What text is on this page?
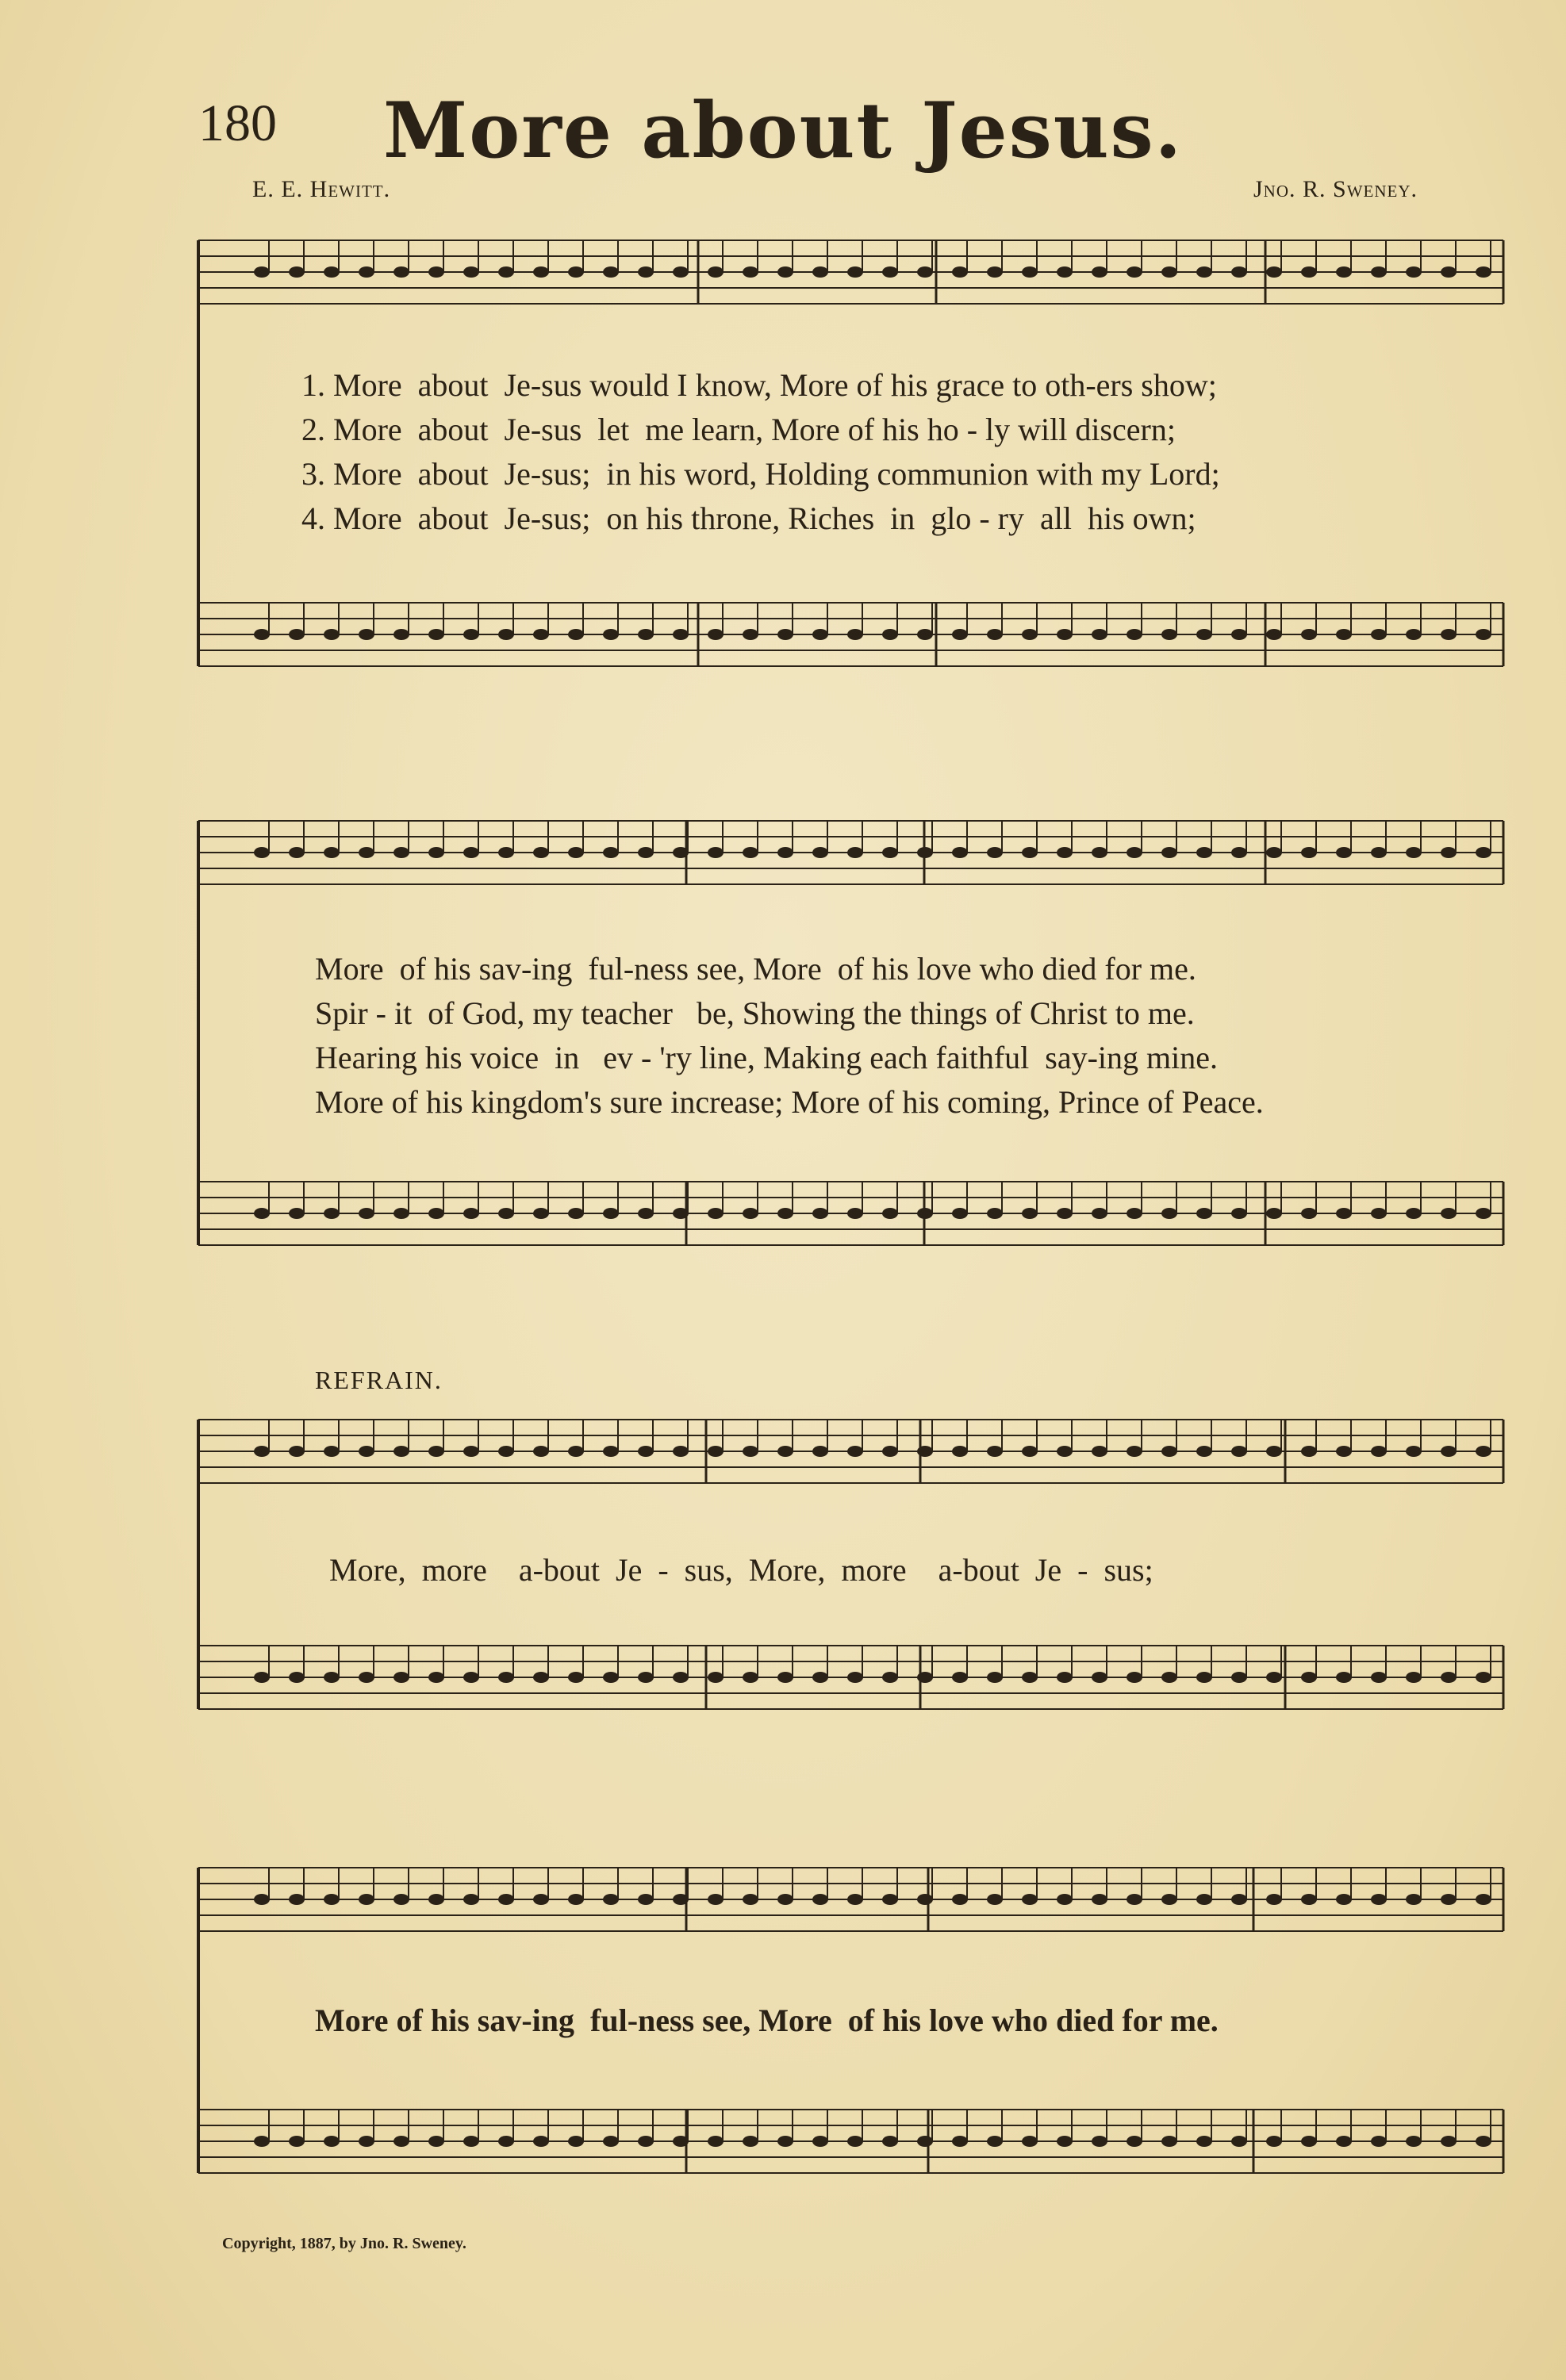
180	More about Jesus.
E. E. Hewitt.	Jno. R. Sweney.
1. More  about  Je-sus would I know, More of his grace to oth-ers show;
2. More  about  Je-sus  let  me learn, More of his ho - ly will discern;
3. More  about  Je-sus;  in his word, Holding communion with my Lord;
4. More  about  Je-sus;  on his throne, Riches  in  glo - ry  all  his own;
More  of his sav-ing  ful-ness see, More  of his love who died for me.
Spir - it  of God, my teacher   be, Showing the things of Christ to me.
Hearing his voice  in   ev - 'ry line, Making each faithful  say-ing mine.
More of his kingdom's sure increase; More of his coming, Prince of Peace.
REFRAIN.
More,  more    a-bout  Je  -  sus,  More,  more    a-bout  Je  -  sus;
More of his sav-ing  ful-ness see, More  of his love who died for me.
Copyright, 1887, by Jno. R. Sweney.
